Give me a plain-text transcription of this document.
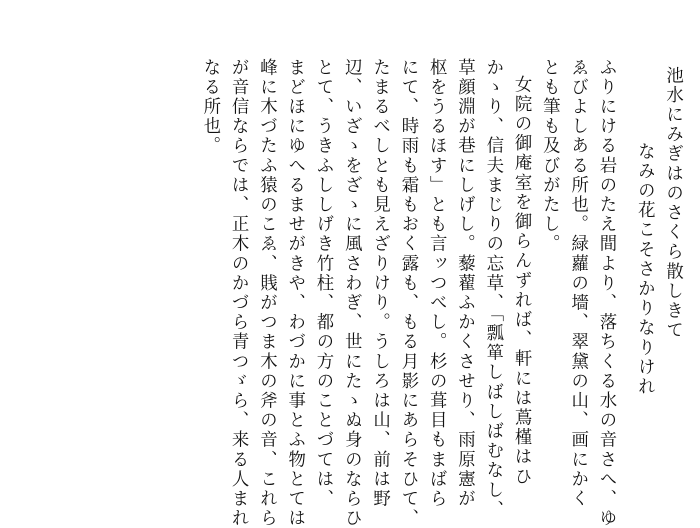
池水にみぎはのさくら散しきて
なみの花こそさかりなりけれ
ふりにける岩のたえ間より、落ちくる水の音さへ、ゆ
ゑびよしある所也。緑蘿の墻、翠黛の山、画にかく
とも筆も及びがたし。
女院の御庵室を御らんずれば、軒には蔦槿はひ
かゝり、信夫まじりの忘草、「瓢箪しばしばむなし、
草顔淵が巷にしげし。藜藋ふかくさせり、雨原憲が
枢をうるほす」とも言ッつべし。杉の葺目もまばら
にて、時雨も霜もおく露も、もる月影にあらそひて、
たまるべしとも見えざりけり。うしろは山、前は野
辺、いざゝをざゝに風さわぎ、世にたゝぬ身のならひ
とて、うきふししげき竹柱、都の方のことづては、
まどほにゆへるませがきや、わづかに事とふ物とては
峰に木づたふ猿のこゑ、賎がつま木の斧の音、これら
が音信ならでは、正木のかづら青つゞら、来る人まれ
なる所也。
